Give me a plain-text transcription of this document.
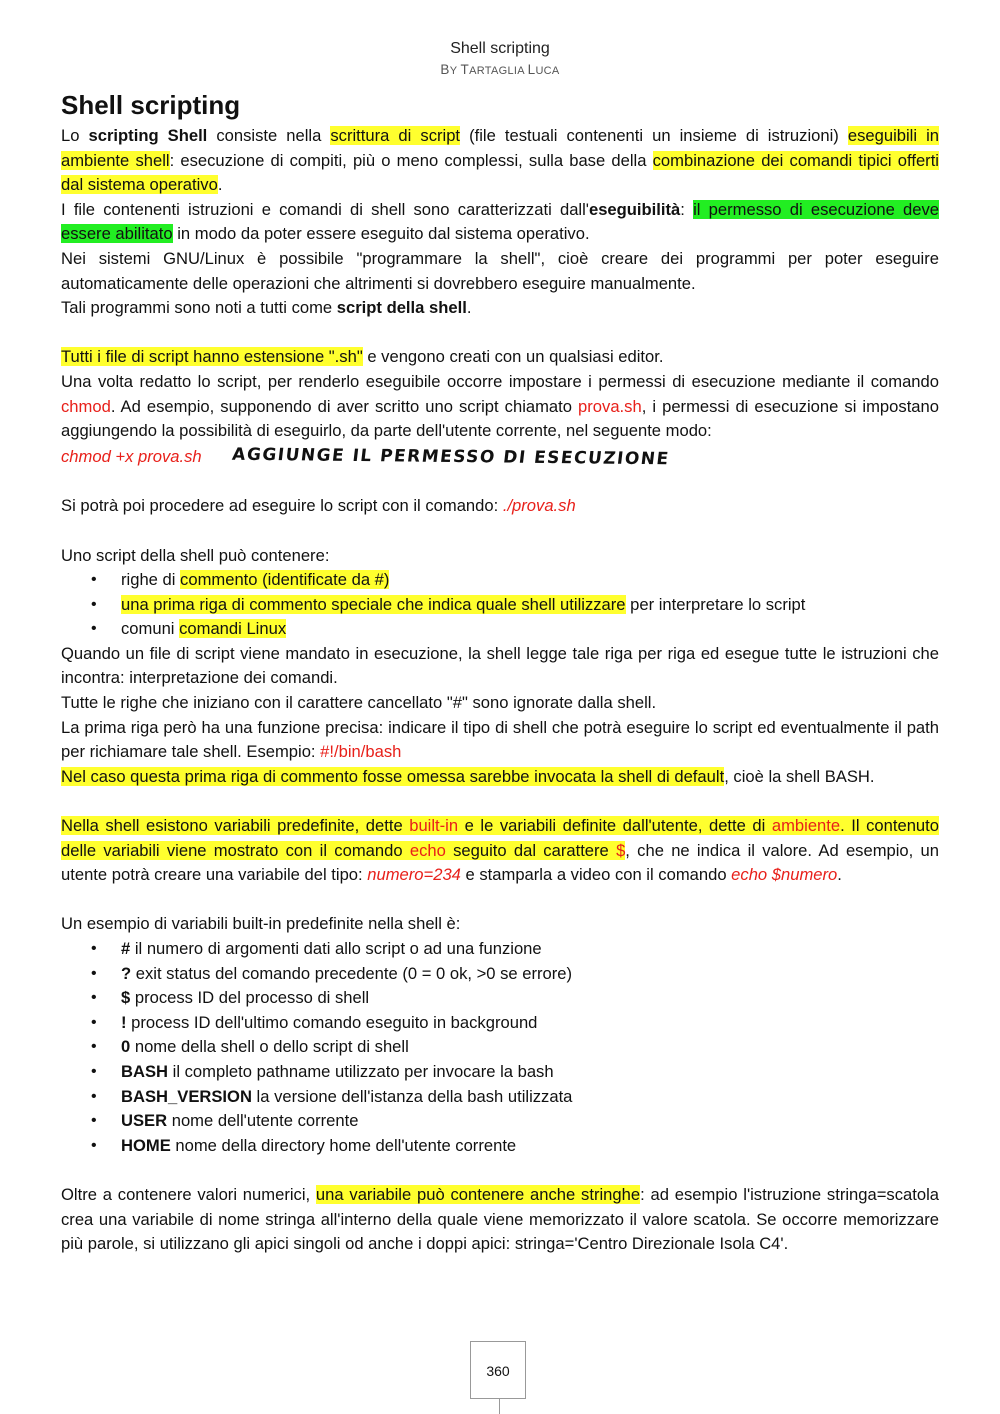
Shell scripting
BY TARTAGLIA LUCA
Shell scripting

Lo scripting Shell consiste nella scrittura di script (file testuali contenenti un insieme di istruzioni) eseguibili in ambiente shell: esecuzione di compiti, più o meno complessi, sulla base della combinazione dei comandi tipici offerti dal sistema operativo.

I file contenenti istruzioni e comandi di shell sono caratterizzati dall'eseguibilità: il permesso di esecuzione deve essere abilitato in modo da poter essere eseguito dal sistema operativo.

Nei sistemi GNU/Linux è possibile "programmare la shell", cioè creare dei programmi per poter eseguire automaticamente delle operazioni che altrimenti si dovrebbero eseguire manualmente.

Tali programmi sono noti a tutti come script della shell.

Tutti i file di script hanno estensione ".sh" e vengono creati con un qualsiasi editor.

Una volta redatto lo script, per renderlo eseguibile occorre impostare i permessi di esecuzione mediante il comando chmod. Ad esempio, supponendo di aver scritto uno script chiamato prova.sh, i permessi di esecuzione si impostano aggiungendo la possibilità di eseguirlo, da parte dell'utente corrente, nel seguente modo:

chmod +x prova.sh AGGIUNGE IL PERMESSO DI ESECUZIONE

Si potrà poi procedere ad eseguire lo script con il comando: ./prova.sh

Uno script della shell può contenere:

• righe di commento (identificate da #)
• una prima riga di commento speciale che indica quale shell utilizzare per interpretare lo script
• comuni comandi Linux

Quando un file di script viene mandato in esecuzione, la shell legge tale riga per riga ed esegue tutte le istruzioni che incontra: interpretazione dei comandi.

Tutte le righe che iniziano con il carattere cancellato "#" sono ignorate dalla shell.

La prima riga però ha una funzione precisa: indicare il tipo di shell che potrà eseguire lo script ed eventualmente il path per richiamare tale shell. Esempio: #!/bin/bash

Nel caso questa prima riga di commento fosse omessa sarebbe invocata la shell di default, cioè la shell BASH.

Nella shell esistono variabili predefinite, dette built-in e le variabili definite dall'utente, dette di ambiente. Il contenuto delle variabili viene mostrato con il comando echo seguito dal carattere $, che ne indica il valore. Ad esempio, un utente potrà creare una variabile del tipo: numero=234 e stamparla a video con il comando echo $numero.

Un esempio di variabili built-in predefinite nella shell è:

• # il numero di argomenti dati allo script o ad una funzione
• ? exit status del comando precedente (0 = 0 ok, >0 se errore)
• $ process ID del processo di shell
• ! process ID dell'ultimo comando eseguito in background
• 0 nome della shell o dello script di shell
• BASH il completo pathname utilizzato per invocare la bash
• BASH_VERSION la versione dell'istanza della bash utilizzata
• USER nome dell'utente corrente
• HOME nome della directory home dell'utente corrente

Oltre a contenere valori numerici, una variabile può contenere anche stringhe: ad esempio l'istruzione stringa=scatola crea una variabile di nome stringa all'interno della quale viene memorizzato il valore scatola. Se occorre memorizzare più parole, si utilizzano gli apici singoli od anche i doppi apici: stringa='Centro Direzionale Isola C4'.

360
